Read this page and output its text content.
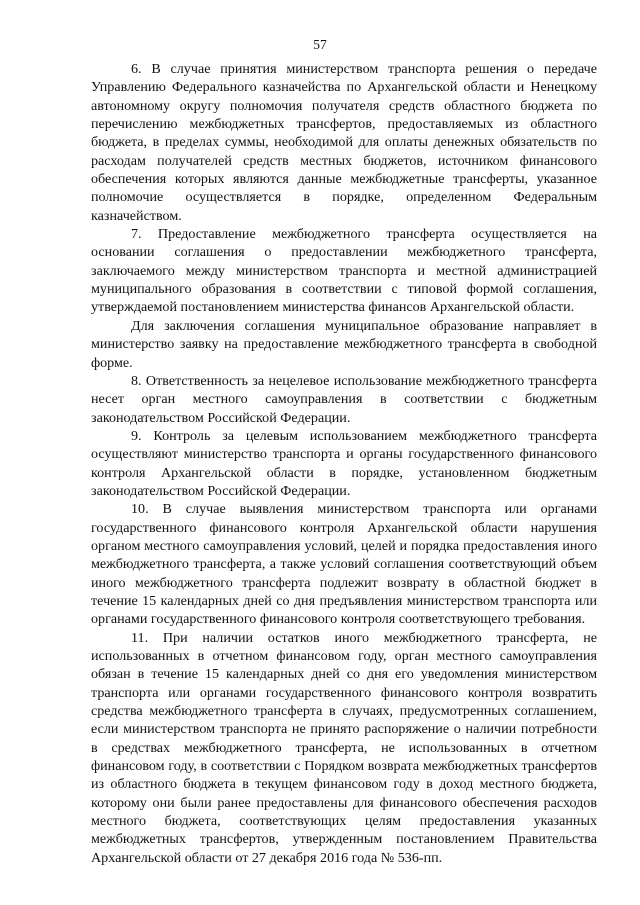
57

6. В случае принятия министерством транспорта решения о передаче Управлению Федерального казначейства по Архангельской области и Ненецкому автономному округу полномочия получателя средств областного бюджета по перечислению межбюджетных трансфертов, предоставляемых из областного бюджета, в пределах суммы, необходимой для оплаты денежных обязательств по расходам получателей средств местных бюджетов, источником финансового обеспечения которых являются данные межбюджетные трансферты, указанное полномочие осуществляется в порядке, определенном Федеральным казначейством.

7. Предоставление межбюджетного трансферта осуществляется на основании соглашения о предоставлении межбюджетного трансферта, заключаемого между министерством транспорта и местной администрацией муниципального образования в соответствии с типовой формой соглашения, утверждаемой постановлением министерства финансов Архангельской области.

Для заключения соглашения муниципальное образование направляет в министерство заявку на предоставление межбюджетного трансферта в свободной форме.

8. Ответственность за нецелевое использование межбюджетного трансферта несет орган местного самоуправления в соответствии с бюджетным законодательством Российской Федерации.

9. Контроль за целевым использованием межбюджетного трансферта осуществляют министерство транспорта и органы государственного финансового контроля Архангельской области в порядке, установленном бюджетным законодательством Российской Федерации.

10. В случае выявления министерством транспорта или органами государственного финансового контроля Архангельской области нарушения органом местного самоуправления условий, целей и порядка предоставления иного межбюджетного трансферта, а также условий соглашения соответствующий объем иного межбюджетного трансферта подлежит возврату в областной бюджет в течение 15 календарных дней со дня предъявления министерством транспорта или органами государственного финансового контроля соответствующего требования.

11. При наличии остатков иного межбюджетного трансферта, не использованных в отчетном финансовом году, орган местного самоуправления обязан в течение 15 календарных дней со дня его уведомления министерством транспорта или органами государственного финансового контроля возвратить средства межбюджетного трансферта в случаях, предусмотренных соглашением, если министерством транспорта не принято распоряжение о наличии потребности в средствах межбюджетного трансферта, не использованных в отчетном финансовом году, в соответствии с Порядком возврата межбюджетных трансфертов из областного бюджета в текущем финансовом году в доход местного бюджета, которому они были ранее предоставлены для финансового обеспечения расходов местного бюджета, соответствующих целям предоставления указанных межбюджетных трансфертов, утвержденным постановлением Правительства Архангельской области от 27 декабря 2016 года № 536-пп.
